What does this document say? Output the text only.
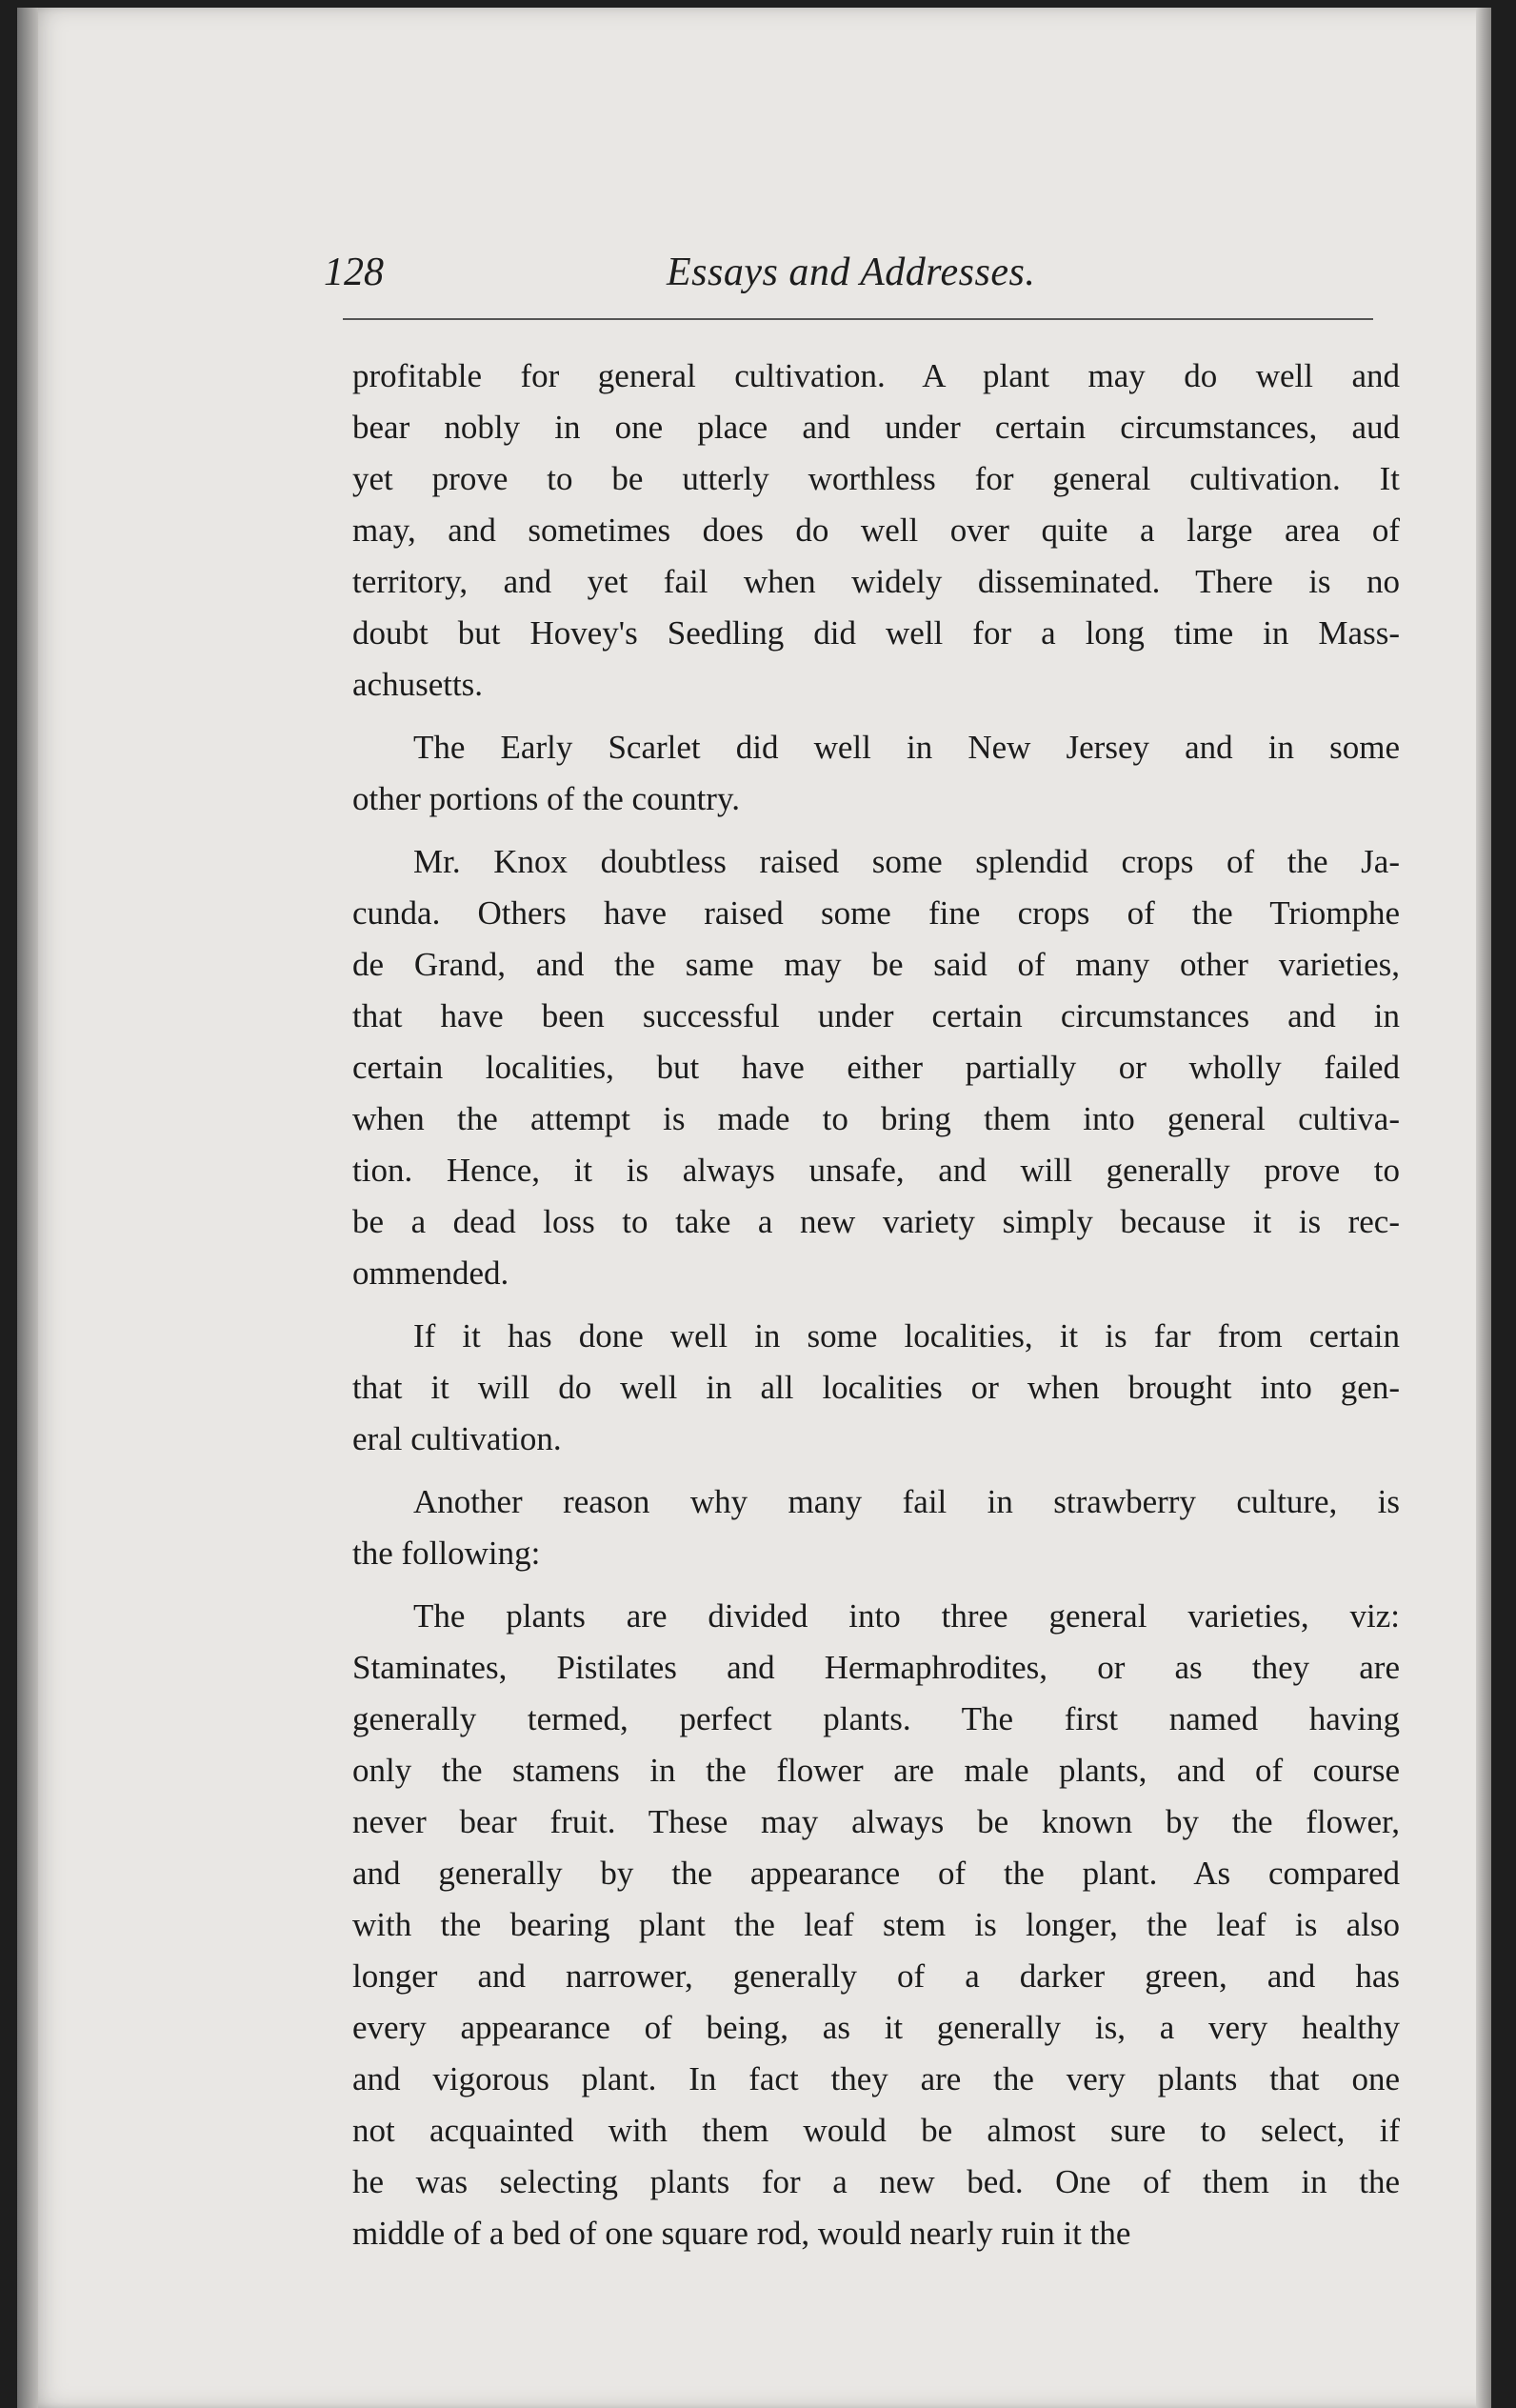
128	Essays and Addresses.
profitable for general cultivation. A plant may do well and
bear nobly in one place and under certain circumstances, aud
yet prove to be utterly worthless for general cultivation. It
may, and sometimes does do well over quite a large area of
territory, and yet fail when widely disseminated. There is no
doubt but Hovey's Seedling did well for a long time in Mass-
achusetts.
The Early Scarlet did well in New Jersey and in some
other portions of the country.
Mr. Knox doubtless raised some splendid crops of the Ja-
cunda. Others have raised some fine crops of the Triomphe
de Grand, and the same may be said of many other varieties,
that have been successful under certain circumstances and in
certain localities, but have either partially or wholly failed
when the attempt is made to bring them into general cultiva-
tion. Hence, it is always unsafe, and will generally prove to
be a dead loss to take a new variety simply because it is rec-
ommended.
If it has done well in some localities, it is far from certain
that it will do well in all localities or when brought into gen-
eral cultivation.
Another reason why many fail in strawberry culture, is
the following:
The plants are divided into three general varieties, viz:
Staminates, Pistilates and Hermaphrodites, or as they are
generally termed, perfect plants. The first named having
only the stamens in the flower are male plants, and of course
never bear fruit. These may always be known by the flower,
and generally by the appearance of the plant. As compared
with the bearing plant the leaf stem is longer, the leaf is also
longer and narrower, generally of a darker green, and has
every appearance of being, as it generally is, a very healthy
and vigorous plant. In fact they are the very plants that one
not acquainted with them would be almost sure to select, if
he was selecting plants for a new bed. One of them in the
middle of a bed of one square rod, would nearly ruin it the
